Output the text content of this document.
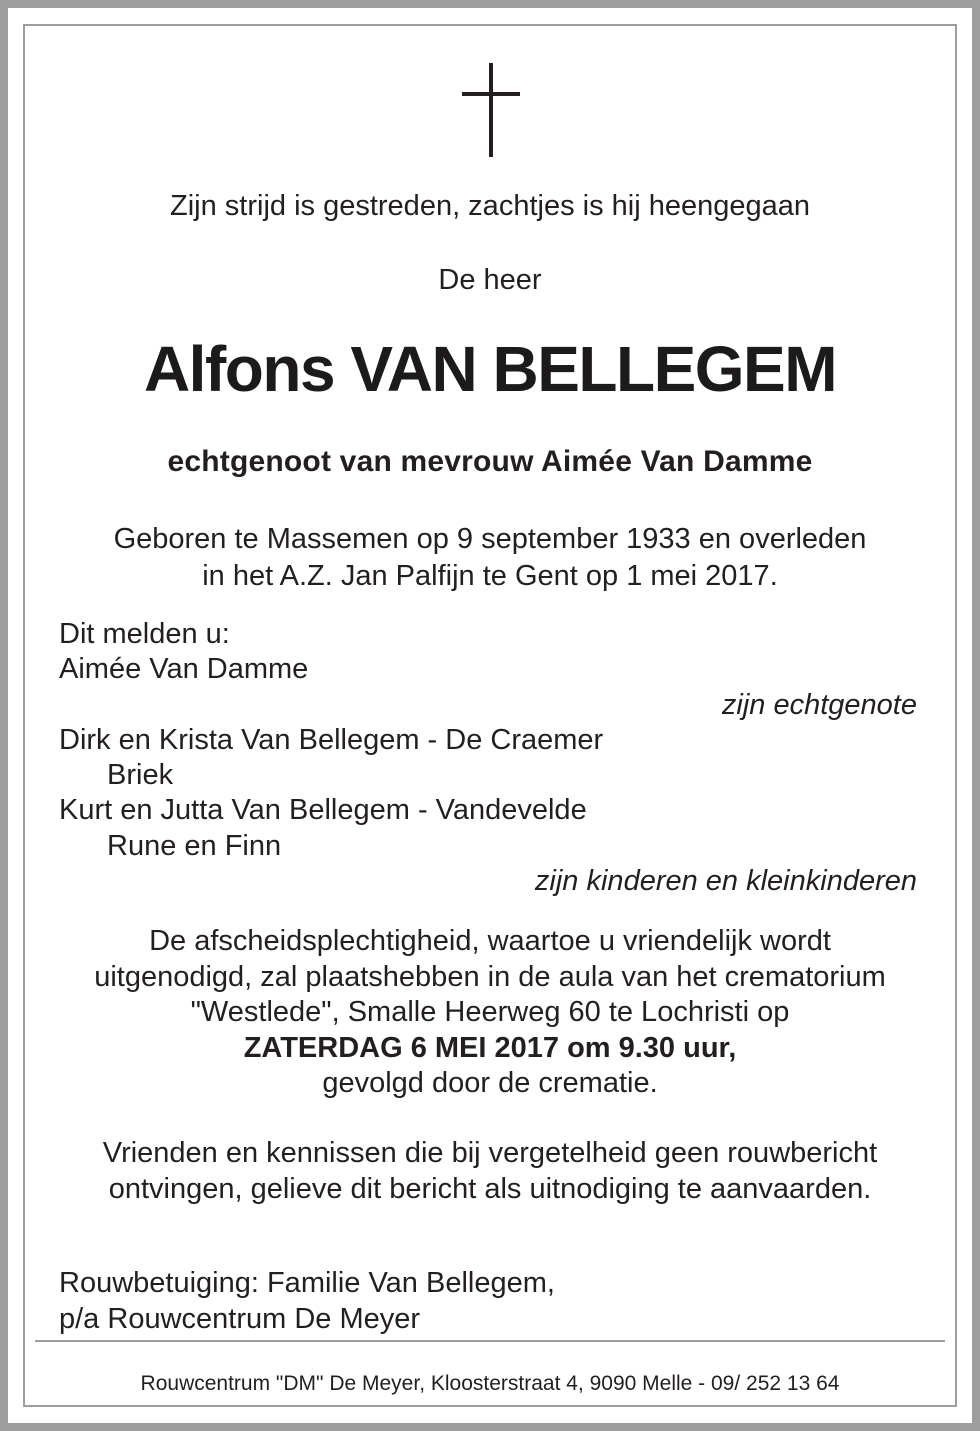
Zijn strijd is gestreden, zachtjes is hij heengegaan

De heer

Alfons VAN BELLEGEM

echtgenoot van mevrouw Aimée Van Damme

Geboren te Massemen op 9 september 1933 en overleden

in het A.Z. Jan Palfijn te Gent op 1 mei 2017.

Dit melden u:

Aimée Van Damme

zijn echtgenote

Dirk en Krista Van Bellegem - De Craemer

Briek

Kurt en Jutta Van Bellegem - Vandevelde

Rune en Finn

zijn kinderen en kleinkinderen

De afscheidsplechtigheid, waartoe u vriendelijk wordt

uitgenodigd, zal plaatshebben in de aula van het crematorium

"Westlede", Smalle Heerweg 60 te Lochristi op

ZATERDAG 6 MEI 2017 om 9.30 uur,

gevolgd door de crematie.

Vrienden en kennissen die bij vergetelheid geen rouwbericht

ontvingen, gelieve dit bericht als uitnodiging te aanvaarden.

Rouwbetuiging: Familie Van Bellegem,

p/a Rouwcentrum De Meyer

Rouwcentrum "DM" De Meyer, Kloosterstraat 4, 9090 Melle - 09/ 252 13 64
